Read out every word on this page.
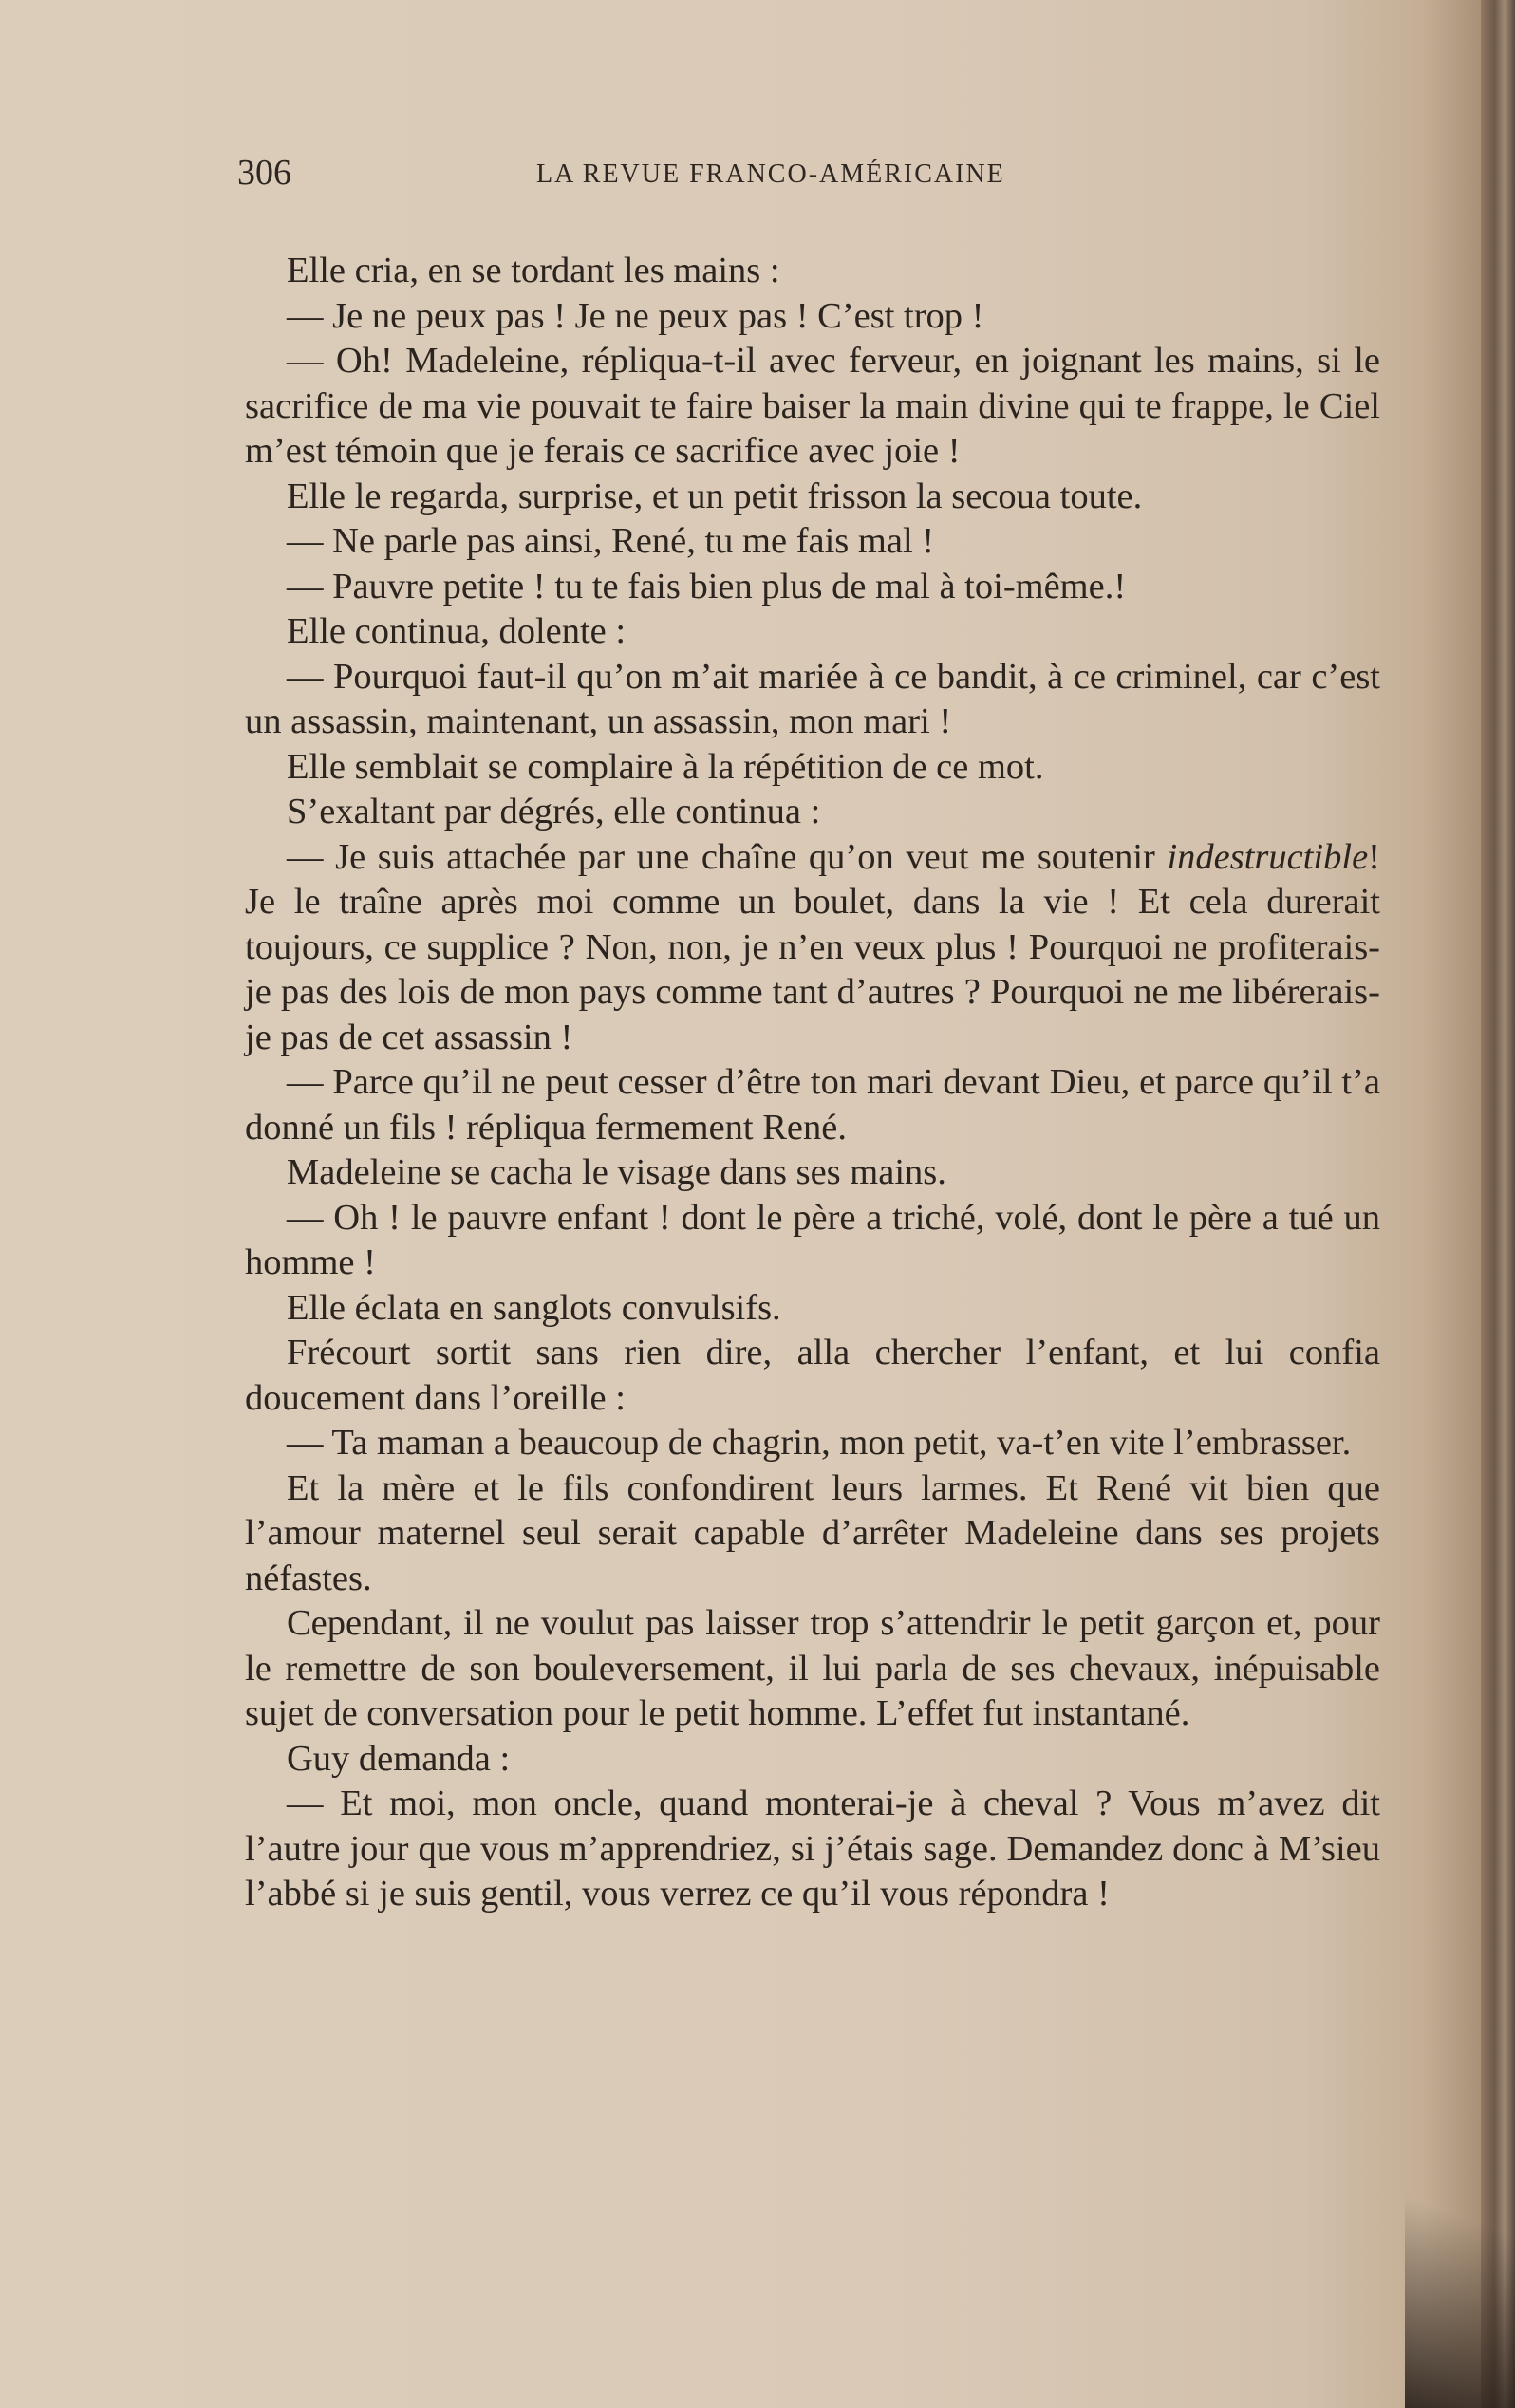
306	LA REVUE FRANCO-AMÉRICAINE

Elle cria, en se tordant les mains :

— Je ne peux pas ! Je ne peux pas ! C’est trop !

— Oh! Madeleine, répliqua-t-il avec ferveur, en joignant les mains, si le sacrifice de ma vie pouvait te faire baiser la main divine qui te frappe, le Ciel m’est témoin que je ferais ce sacrifice avec joie !

Elle le regarda, surprise, et un petit frisson la secoua toute.

— Ne parle pas ainsi, René, tu me fais mal !

— Pauvre petite ! tu te fais bien plus de mal à toi-même.!

Elle continua, dolente :

— Pourquoi faut-il qu’on m’ait mariée à ce bandit, à ce criminel, car c’est un assassin, maintenant, un assassin, mon mari !

Elle semblait se complaire à la répétition de ce mot.

S’exaltant par dégrés, elle continua :

— Je suis attachée par une chaîne qu’on veut me soutenir indestructible! Je le traîne après moi comme un boulet, dans la vie ! Et cela durerait toujours, ce supplice ? Non, non, je n’en veux plus ! Pourquoi ne profiterais-je pas des lois de mon pays comme tant d’autres ? Pourquoi ne me libérerais-je pas de cet assassin !

— Parce qu’il ne peut cesser d’être ton mari devant Dieu, et parce qu’il t’a donné un fils ! répliqua fermement René.

Madeleine se cacha le visage dans ses mains.

— Oh ! le pauvre enfant ! dont le père a triché, volé, dont le père a tué un homme !

Elle éclata en sanglots convulsifs.

Frécourt sortit sans rien dire, alla chercher l’enfant, et lui confia doucement dans l’oreille :

— Ta maman a beaucoup de chagrin, mon petit, va-t’en vite l’embrasser.

Et la mère et le fils confondirent leurs larmes. Et René vit bien que l’amour maternel seul serait capable d’arrêter Madeleine dans ses projets néfastes.

Cependant, il ne voulut pas laisser trop s’attendrir le petit garçon et, pour le remettre de son bouleversement, il lui parla de ses chevaux, inépuisable sujet de conversation pour le petit homme. L’effet fut instantané.

Guy demanda :

— Et moi, mon oncle, quand monterai-je à cheval ? Vous m’avez dit l’autre jour que vous m’apprendriez, si j’étais sage. Demandez donc à M’sieu l’abbé si je suis gentil, vous verrez ce qu’il vous répondra !
